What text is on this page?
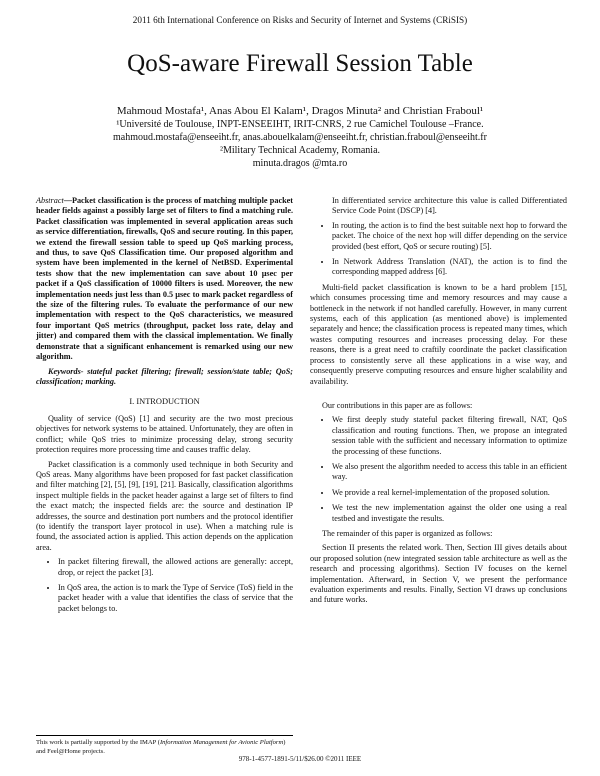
2011 6th International Conference on Risks and Security of Internet and Systems (CRiSIS)
QoS-aware Firewall Session Table
Mahmoud Mostafa¹, Anas Abou El Kalam¹, Dragos Minuta² and Christian Fraboul¹
¹Université de Toulouse, INPT-ENSEEIHT, IRIT-CNRS, 2 rue Camichel Toulouse –France.
mahmoud.mostafa@enseeiht.fr, anas.abouelkalam@enseeiht.fr, christian.fraboul@enseeiht.fr
²Military Technical Academy, Romania.
minuta.dragos @mta.ro

Abstract—Packet classification is the process of matching multiple packet header fields against a possibly large set of filters to find a matching rule. Packet classification was implemented in several application areas such as service differentiation, firewalls, QoS and secure routing. In this paper, we extend the firewall session table to speed up QoS marking process, and thus, to save QoS Classification time. Our proposed algorithm and system have been implemented in the kernel of NetBSD. Experimental tests show that the new implementation can save about 10 µsec per packet if a QoS classification of 10000 filters is used. Moreover, the new implementation needs just less than 0.5 µsec to mark packet regardless of the size of the filtering rules. To evaluate the performance of our new implementation with respect to the QoS characteristics, we measured four important QoS metrics (throughput, packet loss rate, delay and jitter) and compared them with the classical implementation. We finally demonstrate that a significant enhancement is remarked using our new algorithm.

Keywords- stateful packet filtering; firewall; session/state table; QoS; classification; marking.

I. INTRODUCTION

Quality of service (QoS) [1] and security are the two most precious objectives for network systems to be attained. Unfortunately, they are often in conflict; while QoS tries to minimize processing delay, strong security protection requires more processing time and causes traffic delay.

Packet classification is a commonly used technique in both Security and QoS areas. Many algorithms have been proposed for fast packet classification and filter matching [2], [5], [9], [19], [21]. Basically, classification algorithms inspect multiple fields in the packet header against a large set of filters to find the exact match; the inspected fields are: the source and destination IP addresses, the source and destination port numbers and the protocol identifier (to identify the transport layer protocol in use). When a matching rule is found, the associated action is applied. This action depends on the application area.

• In packet filtering firewall, the allowed actions are generally: accept, drop, or reject the packet [3].
• In QoS area, the action is to mark the Type of Service (ToS) field in the packet header with a value that identifies the class of service that the packet belongs to.

In differentiated service architecture this value is called Differentiated Service Code Point (DSCP) [4].

• In routing, the action is to find the best suitable next hop to forward the packet. The choice of the next hop will differ depending on the service provided (best effort, QoS or secure routing) [5].
• In Network Address Translation (NAT), the action is to find the corresponding mapped address [6].

Multi-field packet classification is known to be a hard problem [15], which consumes processing time and memory resources and may cause a bottleneck in the network if not handled carefully. However, in many current systems, each of this application (as mentioned above) is implemented separately and hence; the classification process is repeated many times, which wastes computing resources and increases processing delay. For these reasons, there is a great need to craftily coordinate the packet classification process to consistently serve all these applications in a wise way, and consequently preserve computing resources and ensure higher scalability and availability.

Our contributions in this paper are as follows:

• We first deeply study stateful packet filtering firewall, NAT, QoS classification and routing functions. Then, we propose an integrated session table with the sufficient and necessary information to optimize the processing of these functions.
• We also present the algorithm needed to access this table in an efficient way.
• We provide a real kernel-implementation of the proposed solution.
• We test the new implementation against the older one using a real testbed and investigate the results.

The remainder of this paper is organized as follows:

Section II presents the related work. Then, Section III gives details about our proposed solution (new integrated session table architecture as well as the research and processing algorithms). Section IV focuses on the kernel implementation. Afterward, in Section V, we present the performance evaluation experiments and results. Finally, Section VI draws up conclusions and future works.

This work is partially supported by the IMAP (Information Management for Avionic Platform) and Feel@Home projects.
978-1-4577-1891-5/11/$26.00 ©2011 IEEE
